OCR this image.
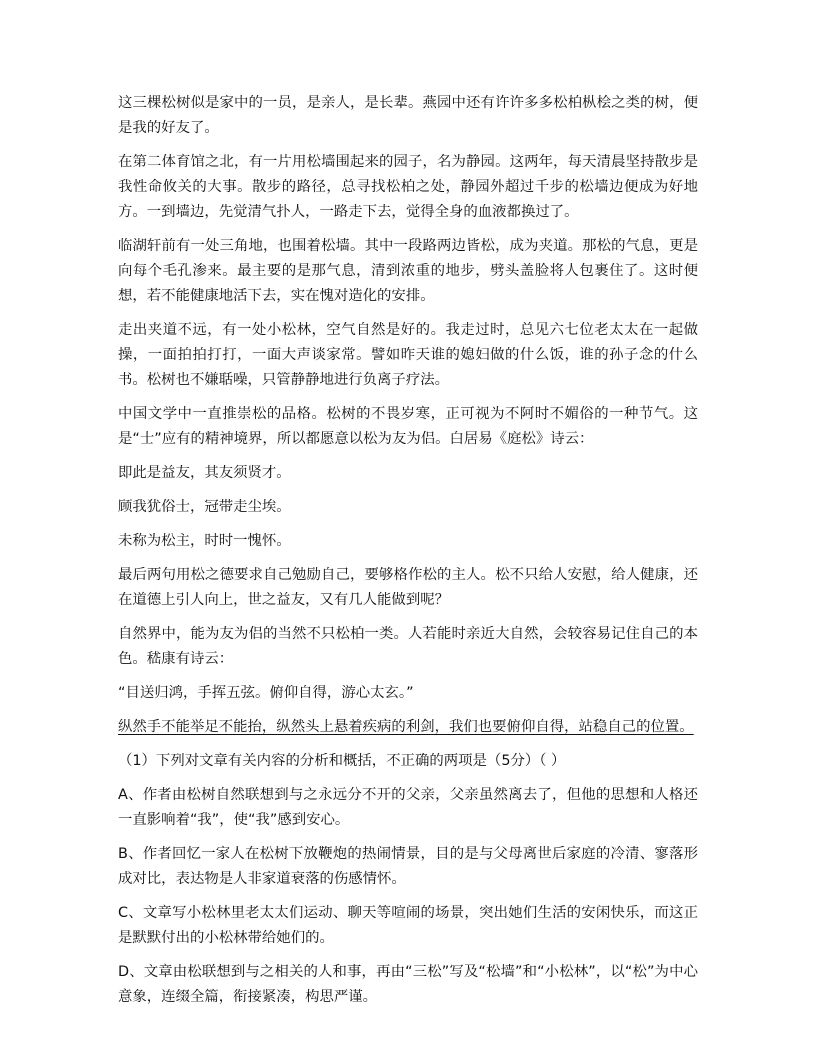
这三棵松树似是家中的一员，是亲人，是长辈。燕园中还有许许多多松柏枞桧之类的树，便是我的好友了。

在第二体育馆之北，有一片用松墙围起来的园子，名为静园。这两年，每天清晨坚持散步是我性命攸关的大事。散步的路径，总寻找松柏之处，静园外超过千步的松墙边便成为好地方。一到墙边，先觉清气扑人，一路走下去，觉得全身的血液都换过了。

临湖轩前有一处三角地，也围着松墙。其中一段路两边皆松，成为夹道。那松的气息，更是向每个毛孔渗来。最主要的是那气息，清到浓重的地步，劈头盖脸将人包裹住了。这时便想，若不能健康地活下去，实在愧对造化的安排。

走出夹道不远，有一处小松林，空气自然是好的。我走过时，总见六七位老太太在一起做操，一面拍拍打打，一面大声谈家常。譬如昨天谁的媳妇做的什么饭，谁的孙子念的什么书。松树也不嫌聒噪，只管静静地进行负离子疗法。

中国文学中一直推崇松的品格。松树的不畏岁寒，正可视为不阿时不媚俗的一种节气。这是“士”应有的精神境界，所以都愿意以松为友为侣。白居易《庭松》诗云：

即此是益友，其友须贤才。

顾我犹俗士，冠带走尘埃。

未称为松主，时时一愧怀。

最后两句用松之德要求自己勉励自己，要够格作松的主人。松不只给人安慰，给人健康，还在道德上引人向上，世之益友，又有几人能做到呢？

自然界中，能为友为侣的当然不只松柏一类。人若能时亲近大自然，会较容易记住自己的本色。嵇康有诗云：

“目送归鸿，手挥五弦。俯仰自得，游心太玄。”

纵然手不能举足不能抬，纵然头上悬着疾病的利剑，我们也要俯仰自得，站稳自己的位置。

（1）下列对文章有关内容的分析和概括，不正确的两项是（5分）（ ）

A、作者由松树自然联想到与之永远分不开的父亲，父亲虽然离去了，但他的思想和人格还一直影响着“我”，使“我”感到安心。

B、作者回忆一家人在松树下放鞭炮的热闹情景，目的是与父母离世后家庭的冷清、寥落形成对比，表达物是人非家道衰落的伤感情怀。

C、文章写小松林里老太太们运动、聊天等喧闹的场景，突出她们生活的安闲快乐，而这正是默默付出的小松林带给她们的。

D、文章由松联想到与之相关的人和事，再由“三松”写及“松墙”和“小松林”，以“松”为中心意象，连缀全篇，衔接紧凑，构思严谨。
